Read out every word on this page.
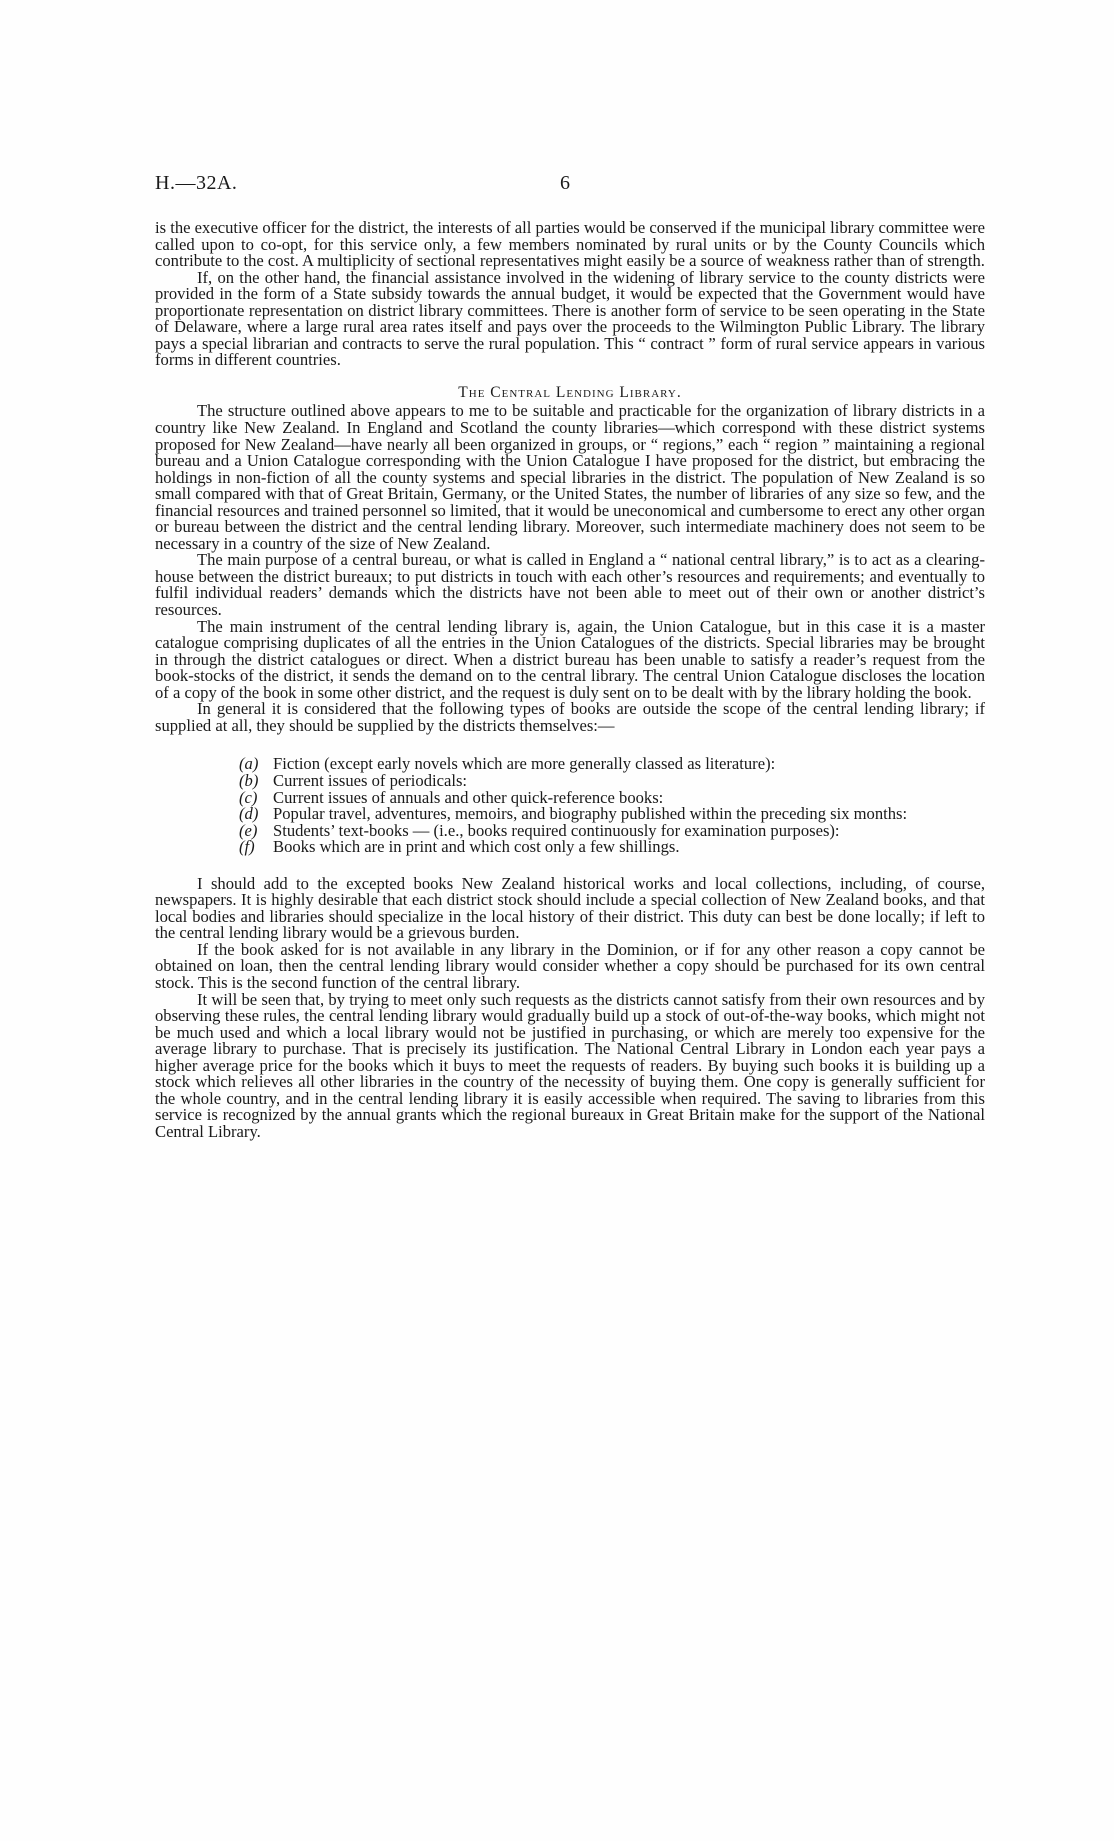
H.—32A.	6

is the executive officer for the district, the interests of all parties would be conserved if the municipal library committee were called upon to co-opt, for this service only, a few members nominated by rural units or by the County Councils which contribute to the cost. A multiplicity of sectional representatives might easily be a source of weakness rather than of strength.

If, on the other hand, the financial assistance involved in the widening of library service to the county districts were provided in the form of a State subsidy towards the annual budget, it would be expected that the Government would have proportionate representation on district library committees. There is another form of service to be seen operating in the State of Delaware, where a large rural area rates itself and pays over the proceeds to the Wilmington Public Library. The library pays a special librarian and contracts to serve the rural population. This “ contract ” form of rural service appears in various forms in different countries.

The Central Lending Library.

The structure outlined above appears to me to be suitable and practicable for the organization of library districts in a country like New Zealand. In England and Scotland the county libraries—which correspond with these district systems proposed for New Zealand—have nearly all been organized in groups, or “ regions,” each “ region ” maintaining a regional bureau and a Union Catalogue corresponding with the Union Catalogue I have proposed for the district, but embracing the holdings in non-fiction of all the county systems and special libraries in the district. The population of New Zealand is so small compared with that of Great Britain, Germany, or the United States, the number of libraries of any size so few, and the financial resources and trained personnel so limited, that it would be uneconomical and cumbersome to erect any other organ or bureau between the district and the central lending library. Moreover, such intermediate machinery does not seem to be necessary in a country of the size of New Zealand.

The main purpose of a central bureau, or what is called in England a “ national central library,” is to act as a clearing-house between the district bureaux; to put districts in touch with each other’s resources and requirements; and eventually to fulfil individual readers’ demands which the districts have not been able to meet out of their own or another district’s resources.

The main instrument of the central lending library is, again, the Union Catalogue, but in this case it is a master catalogue comprising duplicates of all the entries in the Union Catalogues of the districts. Special libraries may be brought in through the district catalogues or direct. When a district bureau has been unable to satisfy a reader’s request from the book-stocks of the district, it sends the demand on to the central library. The central Union Catalogue discloses the location of a copy of the book in some other district, and the request is duly sent on to be dealt with by the library holding the book.

In general it is considered that the following types of books are outside the scope of the central lending library; if supplied at all, they should be supplied by the districts themselves:—

(a) Fiction (except early novels which are more generally classed as literature):

(b) Current issues of periodicals:

(c) Current issues of annuals and other quick-reference books:

(d) Popular travel, adventures, memoirs, and biography published within the preceding six months:

(e) Students’ text-books — (i.e., books required continuously for examination purposes):

(f) Books which are in print and which cost only a few shillings.

I should add to the excepted books New Zealand historical works and local collections, including, of course, newspapers. It is highly desirable that each district stock should include a special collection of New Zealand books, and that local bodies and libraries should specialize in the local history of their district. This duty can best be done locally; if left to the central lending library would be a grievous burden.

If the book asked for is not available in any library in the Dominion, or if for any other reason a copy cannot be obtained on loan, then the central lending library would consider whether a copy should be purchased for its own central stock. This is the second function of the central library.

It will be seen that, by trying to meet only such requests as the districts cannot satisfy from their own resources and by observing these rules, the central lending library would gradually build up a stock of out-of-the-way books, which might not be much used and which a local library would not be justified in purchasing, or which are merely too expensive for the average library to purchase. That is precisely its justification. The National Central Library in London each year pays a higher average price for the books which it buys to meet the requests of readers. By buying such books it is building up a stock which relieves all other libraries in the country of the necessity of buying them. One copy is generally sufficient for the whole country, and in the central lending library it is easily accessible when required. The saving to libraries from this service is recognized by the annual grants which the regional bureaux in Great Britain make for the support of the National Central Library.
